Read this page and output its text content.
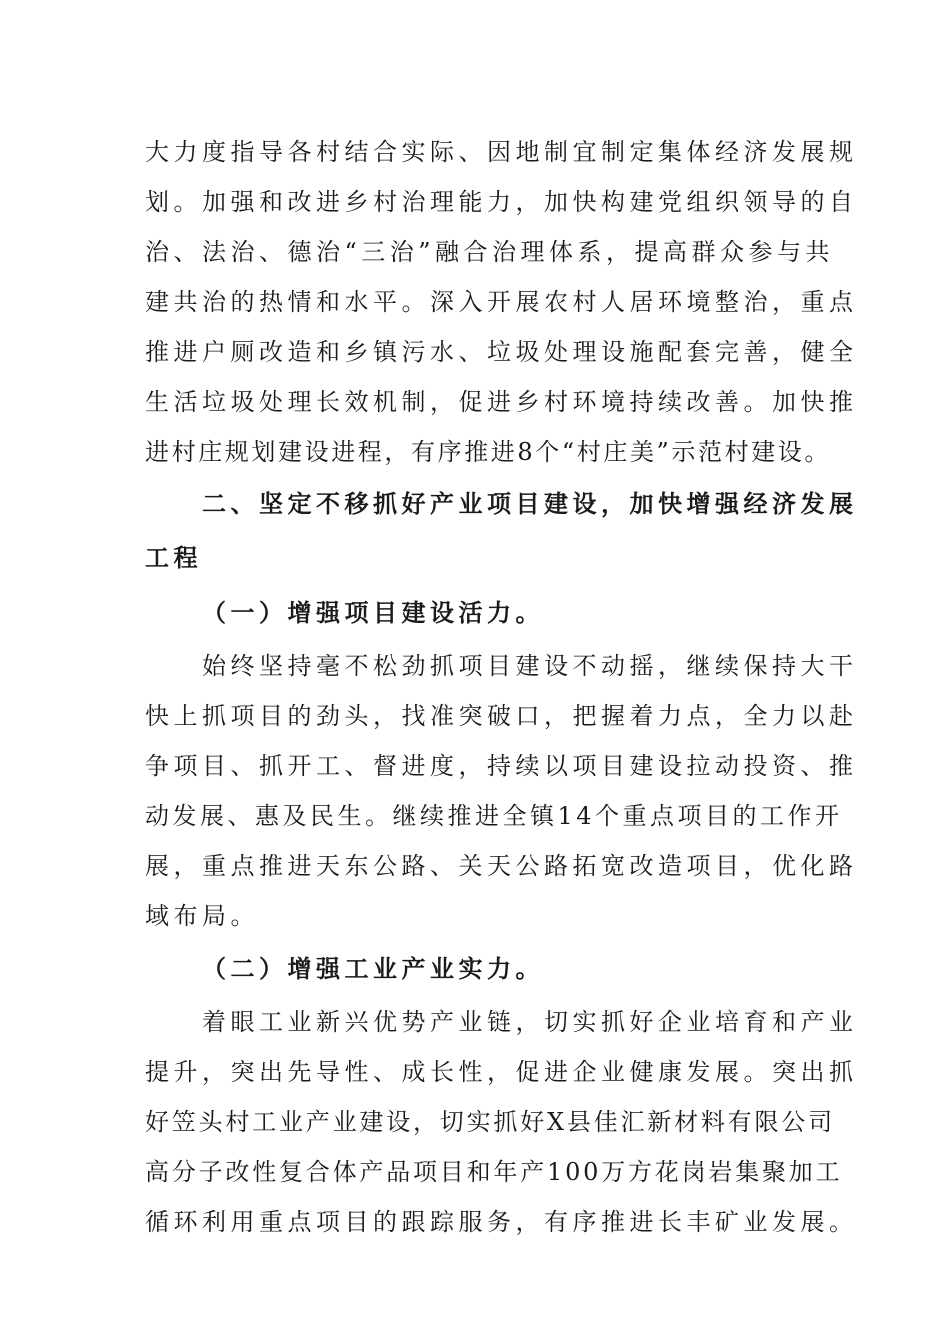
大力度指导各村结合实际、因地制宜制定集体经济发展规
划。加强和改进乡村治理能力，加快构建党组织领导的自
治、法治、德治“三治”融合治理体系，提高群众参与共
建共治的热情和水平。深入开展农村人居环境整治，重点
推进户厕改造和乡镇污水、垃圾处理设施配套完善，健全
生活垃圾处理长效机制，促进乡村环境持续改善。加快推
进村庄规划建设进程，有序推进8个“村庄美”示范村建设。
二、坚定不移抓好产业项目建设，加快增强经济发展
工程
（一）增强项目建设活力。
始终坚持毫不松劲抓项目建设不动摇，继续保持大干
快上抓项目的劲头，找准突破口，把握着力点，全力以赴
争项目、抓开工、督进度，持续以项目建设拉动投资、推
动发展、惠及民生。继续推进全镇14个重点项目的工作开
展，重点推进天东公路、关天公路拓宽改造项目，优化路
域布局。
（二）增强工业产业实力。
着眼工业新兴优势产业链，切实抓好企业培育和产业
提升，突出先导性、成长性，促进企业健康发展。突出抓
好笠头村工业产业建设，切实抓好X县佳汇新材料有限公司
高分子改性复合体产品项目和年产100万方花岗岩集聚加工
循环利用重点项目的跟踪服务，有序推进长丰矿业发展。
